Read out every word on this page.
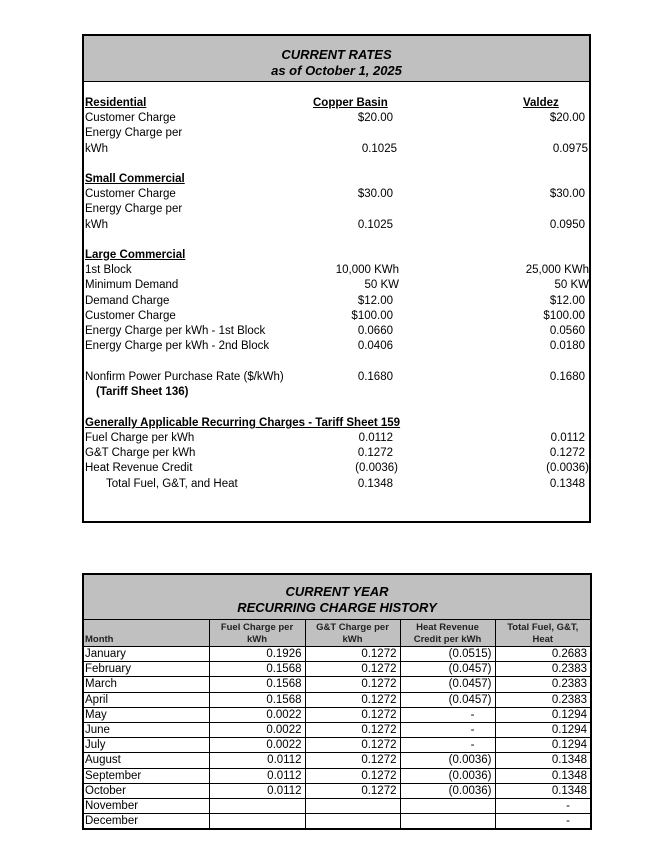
CURRENT RATES
as of October 1, 2025
Residential	Copper Basin	Valdez
Customer Charge	$20.00	$20.00
Energy Charge per
kWh	0.1025	0.0975
Small Commercial
Customer Charge	$30.00	$30.00
Energy Charge per
kWh	0.1025	0.0950
Large Commercial
1st Block	10,000 KWh	25,000 KWh
Minimum Demand	50 KW	50 KW
Demand Charge	$12.00	$12.00
Customer Charge	$100.00	$100.00
Energy Charge per kWh - 1st Block	0.0660	0.0560
Energy Charge per kWh - 2nd Block	0.0406	0.0180
Nonfirm Power Purchase Rate ($/kWh)	0.1680	0.1680
(Tariff Sheet 136)
Generally Applicable Recurring Charges - Tariff Sheet 159
Fuel Charge per kWh	0.0112	0.0112
G&T Charge per kWh	0.1272	0.1272
Heat Revenue Credit	(0.0036)	(0.0036)
Total Fuel, G&T, and Heat	0.1348	0.1348
CURRENT YEAR
RECURRING CHARGE HISTORY
Month	Fuel Charge per kWh	G&T Charge per kWh	Heat Revenue Credit per kWh	Total Fuel, G&T, Heat
January	0.1926	0.1272	(0.0515)	0.2683
February	0.1568	0.1272	(0.0457)	0.2383
March	0.1568	0.1272	(0.0457)	0.2383
April	0.1568	0.1272	(0.0457)	0.2383
May	0.0022	0.1272	-	0.1294
June	0.0022	0.1272	-	0.1294
July	0.0022	0.1272	-	0.1294
August	0.0112	0.1272	(0.0036)	0.1348
September	0.0112	0.1272	(0.0036)	0.1348
October	0.0112	0.1272	(0.0036)	0.1348
November				-
December				-
